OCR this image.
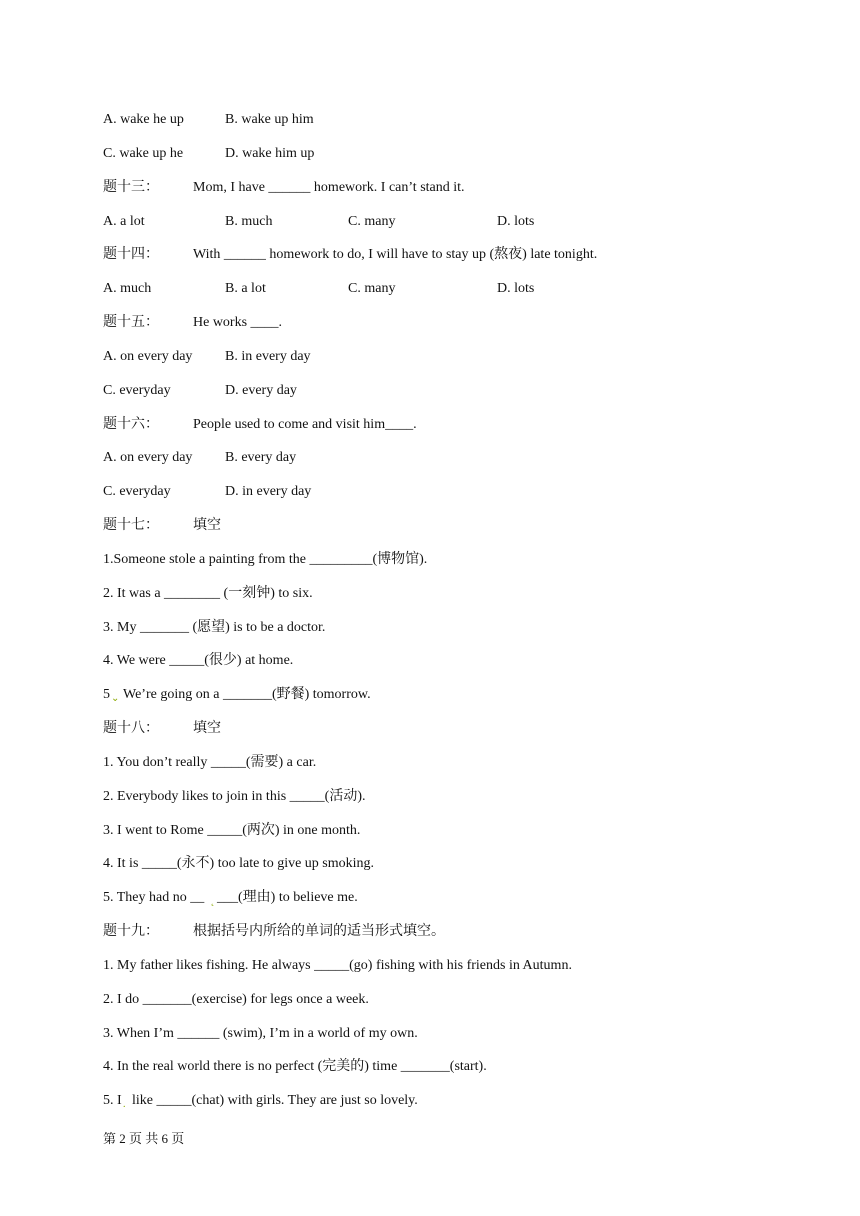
A. wake he up	B. wake up him
C. wake up he	D. wake him up
题十三： Mom, I have ______ homework. I can’t stand it.
A. a lot	B. much	C. many	D. lots
题十四： With ______ homework to do, I will have to stay up (熬夜) late tonight.
A. much	B. a lot	C. many	D. lots
题十五： He works ____.
A. on every day B. in every day
C. everyday	D. every day
题十六： People used to come and visit him____.
A. on every day B. every day
C. everyday	D. in every day
题十七： 填空
1.Someone stole a painting from the _________(博物馆).
2. It was a ________ (一刻钟) to six.
3. My _______ (愿望) is to be a doctor.
4. We were _____(很少) at home.
5 $_⌄$ We’re going on a _______(野餐) tomorrow.
题十八： 填空
1. You don’t really _____(需要) a car.
2. Everybody likes to join in this _____(活动).
3. I went to Rome _____(两次) in one month.
4. It is _____(永不) too late to give up smoking.
5. They had no __ $_˛$ ___(理由) to believe me.
题十九： 根据括号内所给的单词的适当形式填空。
1. My father likes fishing. He always _____(go) fishing with his friends in Autumn.
2. I do _______(exercise) for legs once a week.
3. When I’m ______ (swim), I’m in a world of my own.
4. In the real world there is no perfect (完美的) time _______(start).
5. I $_.$ like _____(chat) with girls. They are just so lovely.
第 2 页 共 6 页
